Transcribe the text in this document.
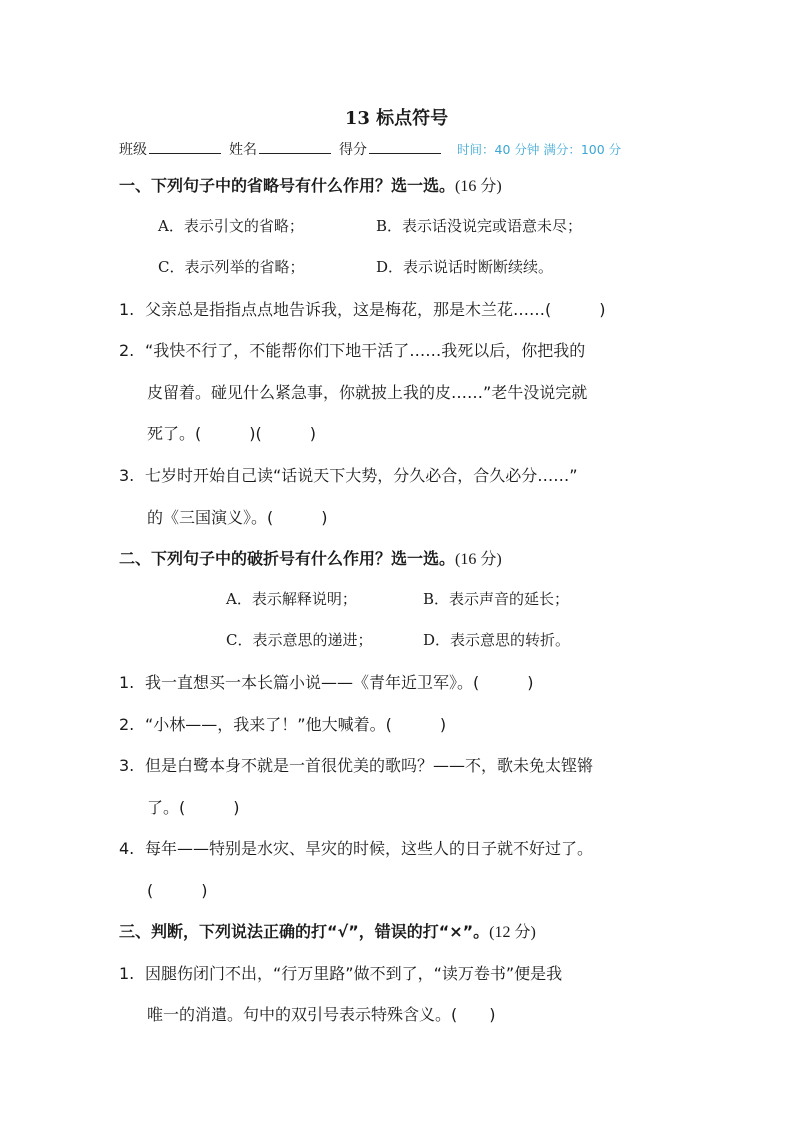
13 标点符号
班级	姓名	得分	时间：40 分钟 满分：100 分
一、下列句子中的省略号有什么作用？选一选。(16 分)
A．表示引文的省略；	B．表示话没说完或语意未尽；
C．表示列举的省略；	D．表示说话时断断续续。
1. 父亲总是指指点点地告诉我，这是梅花，那是木兰花……(　　　)
2. “我快不行了，不能帮你们下地干活了……我死以后，你把我的
皮留着。碰见什么紧急事，你就披上我的皮……”老牛没说完就
死了。(　　　)(　　　)
3. 七岁时开始自己读“话说天下大势，分久必合，合久必分……”
的《三国演义》。(　　　)
二、下列句子中的破折号有什么作用？选一选。(16 分)
A．表示解释说明；	B．表示声音的延长；
C．表示意思的递进；	D．表示意思的转折。
1. 我一直想买一本长篇小说——《青年近卫军》。(　　　)
2. “小林——，我来了！”他大喊着。(　　　)
3. 但是白鹭本身不就是一首很优美的歌吗？——不，歌未免太铿锵
了。(　　　)
4. 每年——特别是水灾、旱灾的时候，这些人的日子就不好过了。
(　　　)
三、判断，下列说法正确的打“√”，错误的打“×”。(12 分)
1. 因腿伤闭门不出，“行万里路”做不到了，“读万卷书”便是我
唯一的消遣。句中的双引号表示特殊含义。(　　)
